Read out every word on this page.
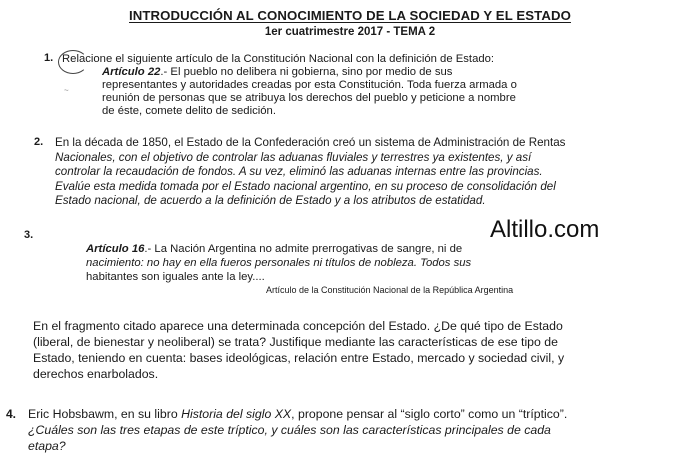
INTRODUCCIÓN AL CONOCIMIENTO DE LA SOCIEDAD Y EL ESTADO
1er cuatrimestre 2017 - TEMA 2
~
1. Relacione el siguiente artículo de la Constitución Nacional con la definición de Estado:
Artículo 22.- El pueblo no delibera ni gobierna, sino por medio de sus
representantes y autoridades creadas por esta Constitución. Toda fuerza armada o
reunión de personas que se atribuya los derechos del pueblo y peticione a nombre
de éste, comete delito de sedición.
2. En la década de 1850, el Estado de la Confederación creó un sistema de Administración de Rentas
Nacionales, con el objetivo de controlar las aduanas fluviales y terrestres ya existentes, y así
controlar la recaudación de fondos. A su vez, eliminó las aduanas internas entre las provincias.
Evalúe esta medida tomada por el Estado nacional argentino, en su proceso de consolidación del
Estado nacional, de acuerdo a la definición de Estado y a los atributos de estatidad.
Altillo.com
3.
Artículo 16.- La Nación Argentina no admite prerrogativas de sangre, ni de
nacimiento: no hay en ella fueros personales ni títulos de nobleza. Todos sus
habitantes son iguales ante la ley....
Artículo de la Constitución Nacional de la República Argentina
En el fragmento citado aparece una determinada concepción del Estado. ¿De qué tipo de Estado
(liberal, de bienestar y neoliberal) se trata? Justifique mediante las características de ese tipo de
Estado, teniendo en cuenta: bases ideológicas, relación entre Estado, mercado y sociedad civil, y
derechos enarbolados.
4. Eric Hobsbawm, en su libro Historia del siglo XX, propone pensar al “siglo corto” como un “tríptico”.
¿Cuáles son las tres etapas de este tríptico, y cuáles son las características principales de cada
etapa?
